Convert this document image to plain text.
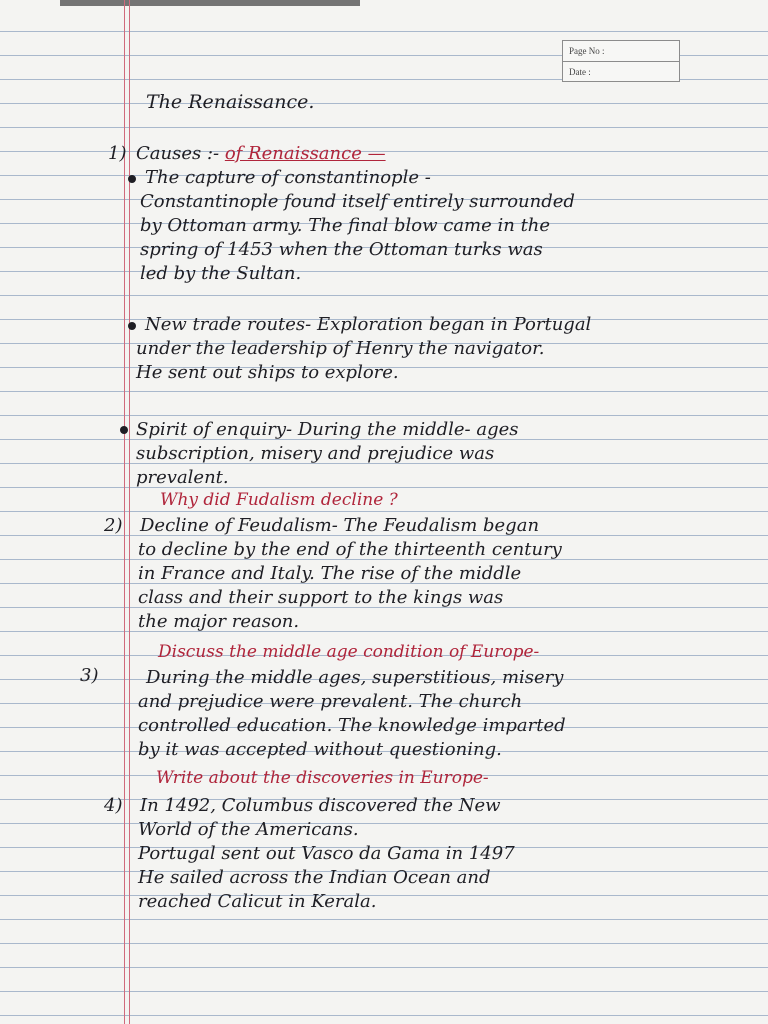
Page No :
Date :
The Renaissance.
1) Causes :- of Renaissance —
The capture of constantinople -
Constantinople found itself entirely surrounded
by Ottoman army. The final blow came in the
spring of 1453 when the Ottoman turks was
led by the Sultan.
New trade routes- Exploration began in Portugal
under the leadership of Henry the navigator.
He sent out ships to explore.
Spirit of enquiry- During the middle- ages
subscription, misery and prejudice was
prevalent.
Why did Fudalism decline ?
2) Decline of Feudalism- The Feudalism began
to decline by the end of the thirteenth century
in France and Italy. The rise of the middle
class and their support to the kings was
the major reason.
Discuss the middle age condition of Europe-
3)	During the middle ages, superstitious, misery
and prejudice were prevalent. The church
controlled education. The knowledge imparted
by it was accepted without questioning.
Write about the discoveries in Europe-
4) In 1492, Columbus discovered the New
World of the Americans.
Portugal sent out Vasco da Gama in 1497
He sailed across the Indian Ocean and
reached Calicut in Kerala.
